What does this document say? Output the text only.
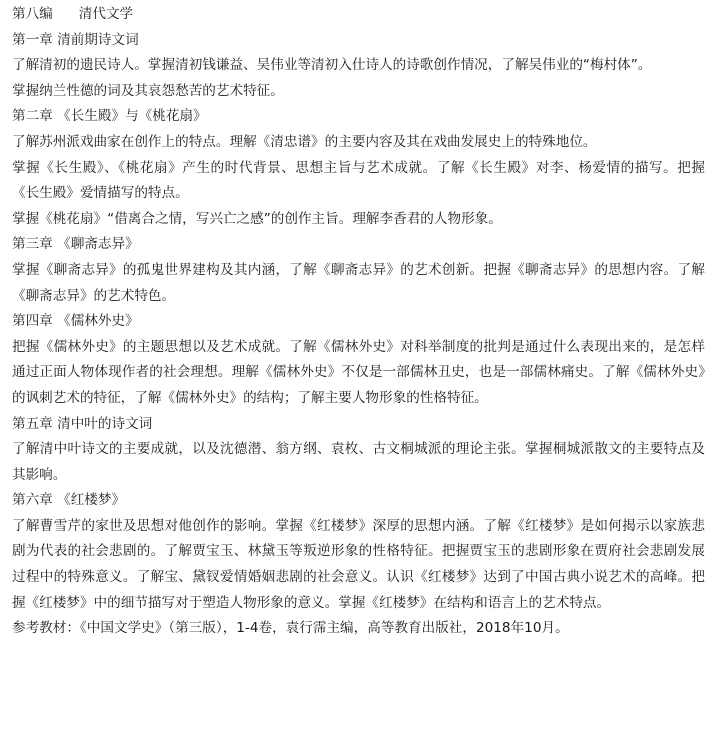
第八编 清代文学

第一章 清前期诗文词

了解清初的遗民诗人。掌握清初钱谦益、吴伟业等清初入仕诗人的诗歌创作情况，了解吴伟业的“梅村体”。

掌握纳兰性德的词及其哀怨愁苦的艺术特征。

第二章 《长生殿》与《桃花扇》

了解苏州派戏曲家在创作上的特点。理解《清忠谱》的主要内容及其在戏曲发展史上的特殊地位。

掌握《长生殿》、《桃花扇》产生的时代背景、思想主旨与艺术成就。了解《长生殿》对李、杨爱情的描写。把握《长生殿》爱情描写的特点。

掌握《桃花扇》“借离合之情，写兴亡之感”的创作主旨。理解李香君的人物形象。

第三章 《聊斋志异》

掌握《聊斋志异》的孤鬼世界建构及其内涵，了解《聊斋志异》的艺术创新。把握《聊斋志异》的思想内容。了解《聊斋志异》的艺术特色。

第四章 《儒林外史》

把握《儒林外史》的主题思想以及艺术成就。了解《儒林外史》对科举制度的批判是通过什么表现出来的，是怎样通过正面人物体现作者的社会理想。理解《儒林外史》不仅是一部儒林丑史，也是一部儒林痛史。了解《儒林外史》的讽刺艺术的特征，了解《儒林外史》的结构；了解主要人物形象的性格特征。

第五章 清中叶的诗文词

了解清中叶诗文的主要成就，以及沈德潜、翁方纲、袁枚、古文桐城派的理论主张。掌握桐城派散文的主要特点及其影响。

第六章 《红楼梦》

了解曹雪芹的家世及思想对他创作的影响。掌握《红楼梦》深厚的思想内涵。了解《红楼梦》是如何揭示以家族悲剧为代表的社会悲剧的。了解贾宝玉、林黛玉等叛逆形象的性格特征。把握贾宝玉的悲剧形象在贾府社会悲剧发展过程中的特殊意义。了解宝、黛钗爱情婚姻悲剧的社会意义。认识《红楼梦》达到了中国古典小说艺术的高峰。把握《红楼梦》中的细节描写对于塑造人物形象的意义。掌握《红楼梦》在结构和语言上的艺术特点。

参考教材：《中国文学史》（第三版），1-4卷，袁行霈主编，高等教育出版社，2018年10月。
